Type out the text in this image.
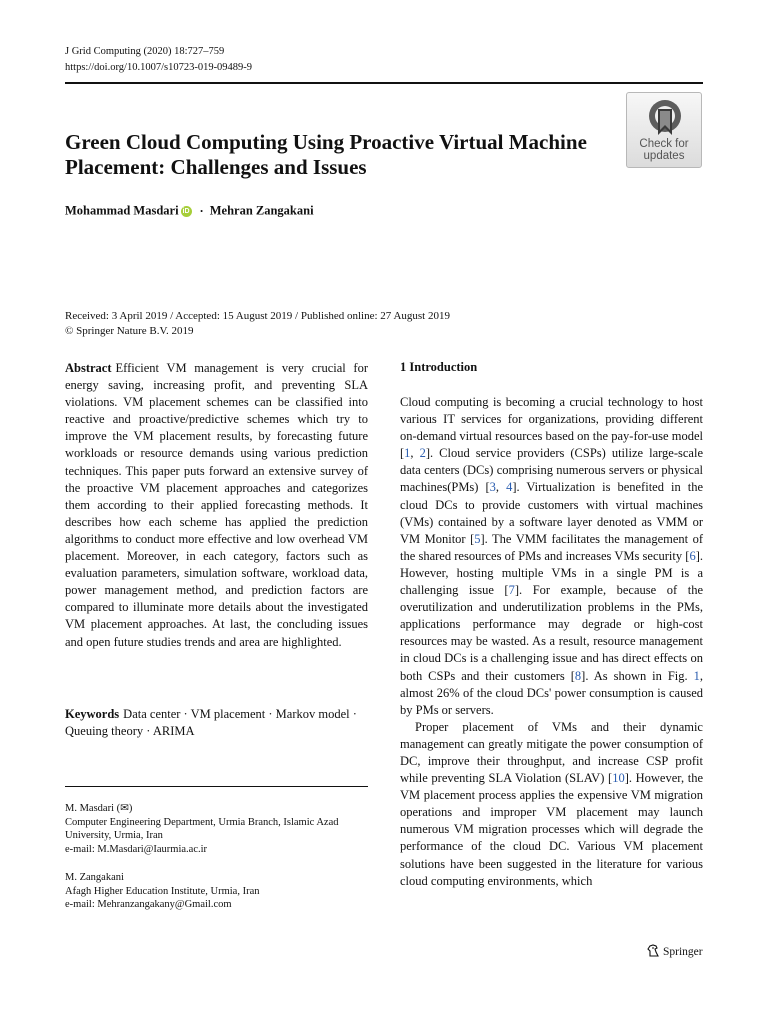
J Grid Computing (2020) 18:727–759
https://doi.org/10.1007/s10723-019-09489-9
Check for
updates
Green Cloud Computing Using Proactive Virtual Machine Placement: Challenges and Issues
Mohammad Masdari iD · Mehran Zangakani
Received: 3 April 2019 / Accepted: 15 August 2019 / Published online: 27 August 2019
© Springer Nature B.V. 2019

Abstract Efficient VM management is very crucial for energy saving, increasing profit, and preventing SLA violations. VM placement schemes can be classified into reactive and proactive/predictive schemes which try to improve the VM placement results, by forecasting future workloads or resource demands using various prediction techniques. This paper puts forward an extensive survey of the proactive VM placement approaches and categorizes them according to their applied forecasting methods. It describes how each scheme has applied the prediction algorithms to conduct more effective and low overhead VM placement. Moreover, in each category, factors such as evaluation parameters, simulation software, workload data, power management method, and prediction factors are compared to illuminate more details about the investigated VM placement approaches. At last, the concluding issues and open future studies trends and area are highlighted.

Keywords Data center · VM placement · Markov model · Queuing theory · ARIMA
M. Masdari (✉)
Computer Engineering Department, Urmia Branch, Islamic Azad University, Urmia, Iran
e-mail: M.Masdari@Iaurmia.ac.ir
M. Zangakani
Afagh Higher Education Institute, Urmia, Iran
e-mail: Mehranzangakany@Gmail.com
1 Introduction

Cloud computing is becoming a crucial technology to host various IT services for organizations, providing different on-demand virtual resources based on the pay-for-use model [1, 2]. Cloud service providers (CSPs) utilize large-scale data centers (DCs) comprising numerous servers or physical machines(PMs) [3, 4]. Virtualization is benefited in the cloud DCs to provide customers with virtual machines (VMs) contained by a software layer denoted as VMM or VM Monitor [5]. The VMM facilitates the management of the shared resources of PMs and increases VMs security [6]. However, hosting multiple VMs in a single PM is a challenging issue [7]. For example, because of the overutilization and underutilization problems in the PMs, applications performance may degrade or high-cost resources may be wasted. As a result, resource management in cloud DCs is a challenging issue and has direct effects on both CSPs and their customers [8]. As shown in Fig. 1, almost 26% of the cloud DCs' power consumption is caused by PMs or servers.

Proper placement of VMs and their dynamic management can greatly mitigate the power consumption of DC, improve their throughput, and increase CSP profit while preventing SLA Violation (SLAV) [10]. However, the VM placement process applies the expensive VM migration operations and improper VM placement may launch numerous VM migration processes which will degrade the performance of the cloud DC. Various VM placement solutions have been suggested in the literature for various cloud computing environments, which

Springer
